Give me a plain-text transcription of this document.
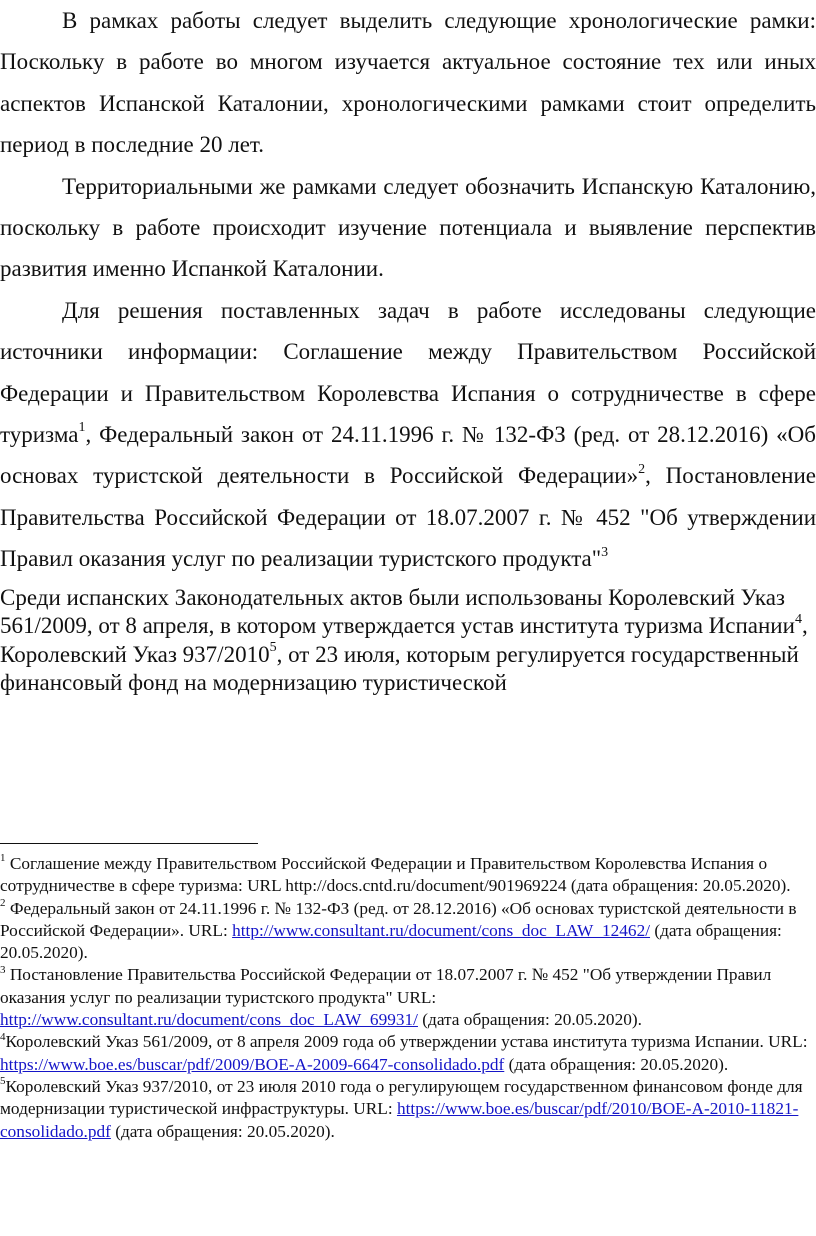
В рамках работы следует выделить следующие хронологические рамки: Поскольку в работе во многом изучается актуальное состояние тех или иных аспектов Испанской Каталонии, хронологическими рамками стоит определить период в последние 20 лет.

Территориальными же рамками следует обозначить Испанскую Каталонию, поскольку в работе происходит изучение потенциала и выявление перспектив развития именно Испанкой Каталонии.

Для решения поставленных задач в работе исследованы следующие источники информации: Соглашение между Правительством Российской Федерации и Правительством Королевства Испания о сотрудничестве в сфере туризма$^1$, Федеральный закон от 24.11.1996 г. № 132-ФЗ (ред. от 28.12.2016) «Об основах туристской деятельности в Российской Федерации»$^2$, Постановление Правительства Российской Федерации от 18.07.2007 г. № 452 "Об утверждении Правил оказания услуг по реализации туристского продукта"$^3$

Среди испанских Законодательных актов были использованы Королевский Указ 561/2009, от 8 апреля, в котором утверждается устав института туризма Испании$^4$, Королевский Указ 937/2010$^5$, от 23 июля, которым регулируется государственный финансовый фонд на модернизацию туристической

$^1$ Соглашение между Правительством Российской Федерации и Правительством Королевства Испания о сотрудничестве в сфере туризма: URL http://docs.cntd.ru/document/901969224 (дата обращения: 20.05.2020).

$^2$ Федеральный закон от 24.11.1996 г. № 132-ФЗ (ред. от 28.12.2016) «Об основах туристской деятельности в Российской Федерации». URL: http://www.consultant.ru/document/cons_doc_LAW_12462/ (дата обращения: 20.05.2020).

$^3$ Постановление Правительства Российской Федерации от 18.07.2007 г. № 452 "Об утверждении Правил оказания услуг по реализации туристского продукта" URL: http://www.consultant.ru/document/cons_doc_LAW_69931/ (дата обращения: 20.05.2020).

$^4$Королевский Указ 561/2009, от 8 апреля 2009 года об утверждении устава института туризма Испании. URL: https://www.boe.es/buscar/pdf/2009/BOE-A-2009-6647-consolidado.pdf (дата обращения: 20.05.2020).

$^5$Королевский Указ 937/2010, от 23 июля 2010 года о регулирующем государственном финансовом фонде для модернизации туристической инфраструктуры. URL: https://www.boe.es/buscar/pdf/2010/BOE-A-2010-11821-consolidado.pdf (дата обращения: 20.05.2020).
